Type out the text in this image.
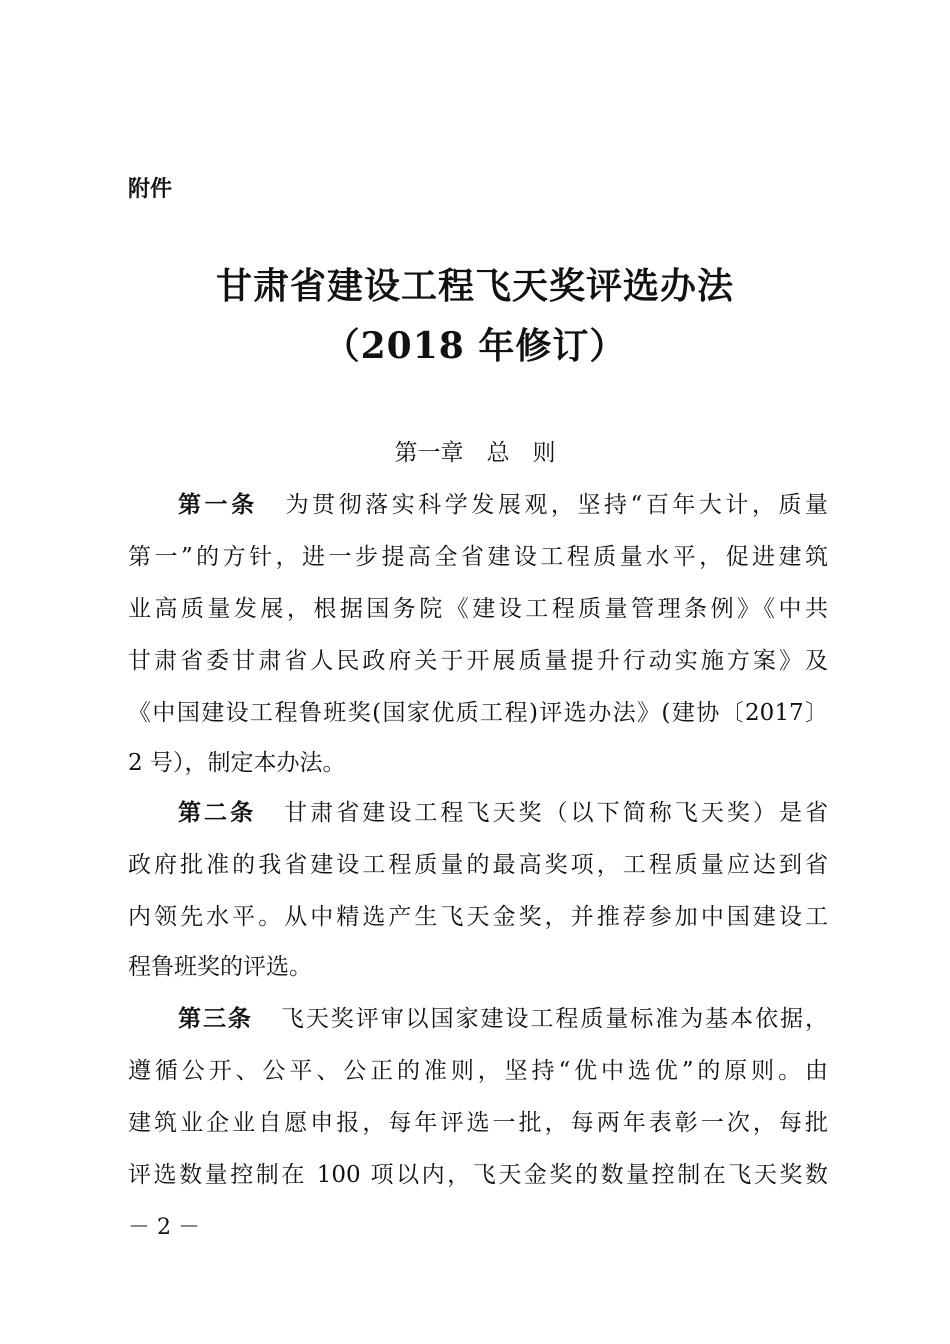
附件
甘肃省建设工程飞天奖评选办法
（2018 年修订）
第一章　总　则
第一条 为贯彻落实科学发展观，坚持“百年大计，质量
第一”的方针，进一步提高全省建设工程质量水平，促进建筑
业高质量发展，根据国务院《建设工程质量管理条例》《中共
甘肃省委甘肃省人民政府关于开展质量提升行动实施方案》及
《中国建设工程鲁班奖(国家优质工程)评选办法》(建协〔2017〕
2 号），制定本办法。
第二条 甘肃省建设工程飞天奖（以下简称飞天奖）是省
政府批准的我省建设工程质量的最高奖项，工程质量应达到省
内领先水平。从中精选产生飞天金奖，并推荐参加中国建设工
程鲁班奖的评选。
第三条 飞天奖评审以国家建设工程质量标准为基本依据，
遵循公开、公平、公正的准则，坚持“优中选优”的原则。由
建筑业企业自愿申报，每年评选一批，每两年表彰一次，每批
评选数量控制在 100 项以内，飞天金奖的数量控制在飞天奖数
－ 2 －
